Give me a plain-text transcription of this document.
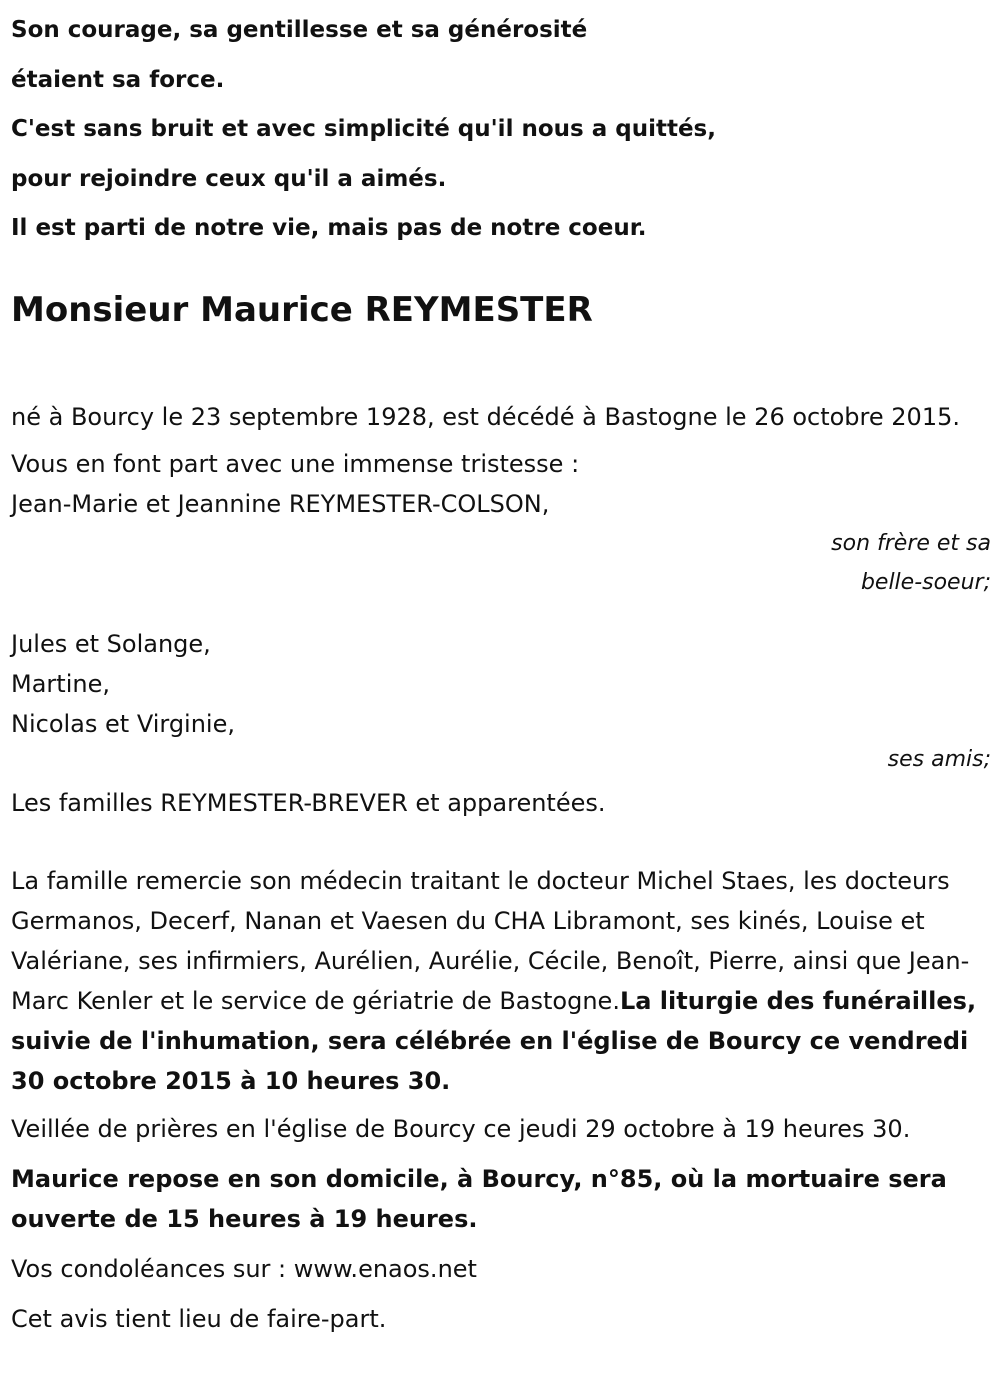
Son courage, sa gentillesse et sa générosité
étaient sa force.
C'est sans bruit et avec simplicité qu'il nous a quittés,
pour rejoindre ceux qu'il a aimés.
Il est parti de notre vie, mais pas de notre coeur.
Monsieur Maurice REYMESTER
né à Bourcy le 23 septembre 1928, est décédé à Bastogne le 26 octobre 2015.
Vous en font part avec une immense tristesse :
Jean-Marie et Jeannine REYMESTER-COLSON,
son frère et sa belle-soeur;
Jules et Solange,
Martine,
Nicolas et Virginie,
ses amis;
Les familles REYMESTER-BREVER et apparentées.
La famille remercie son médecin traitant le docteur Michel Staes, les docteurs Germanos, Decerf, Nanan et Vaesen du CHA Libramont, ses kinés, Louise et Valériane, ses infirmiers, Aurélien, Aurélie, Cécile, Benoît, Pierre, ainsi que Jean-Marc Kenler et le service de gériatrie de Bastogne.La liturgie des funérailles, suivie de l'inhumation, sera célébrée en l'église de Bourcy ce vendredi 30 octobre 2015 à 10 heures 30.
Veillée de prières en l'église de Bourcy ce jeudi 29 octobre à 19 heures 30.
Maurice repose en son domicile, à Bourcy, n°85, où la mortuaire sera ouverte de 15 heures à 19 heures.
Vos condoléances sur : www.enaos.net
Cet avis tient lieu de faire-part.
